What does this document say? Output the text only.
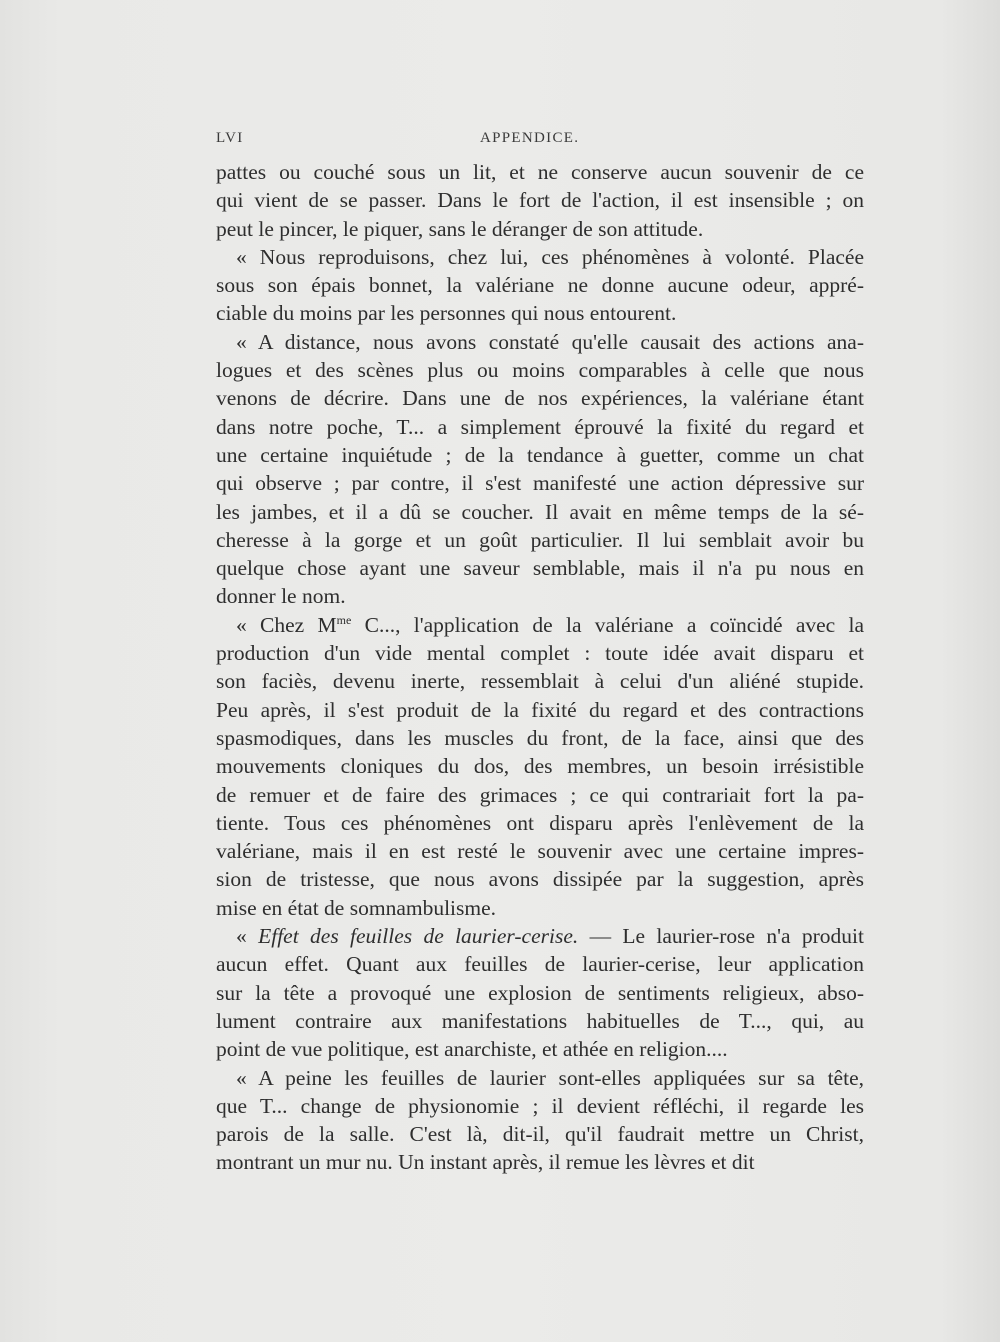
LVI	APPENDICE.
pattes ou couché sous un lit, et ne conserve aucun souvenir de ce
qui vient de se passer. Dans le fort de l'action, il est insensible ; on
peut le pincer, le piquer, sans le déranger de son attitude.
« Nous reproduisons, chez lui, ces phénomènes à volonté. Placée
sous son épais bonnet, la valériane ne donne aucune odeur, appré-
ciable du moins par les personnes qui nous entourent.
« A distance, nous avons constaté qu'elle causait des actions ana-
logues et des scènes plus ou moins comparables à celle que nous
venons de décrire. Dans une de nos expériences, la valériane étant
dans notre poche, T... a simplement éprouvé la fixité du regard et
une certaine inquiétude ; de la tendance à guetter, comme un chat
qui observe ; par contre, il s'est manifesté une action dépressive sur
les jambes, et il a dû se coucher. Il avait en même temps de la sé-
cheresse à la gorge et un goût particulier. Il lui semblait avoir bu
quelque chose ayant une saveur semblable, mais il n'a pu nous en
donner le nom.
« Chez $M^{me}$ C..., l'application de la valériane a coïncidé avec la
production d'un vide mental complet : toute idée avait disparu et
son faciès, devenu inerte, ressemblait à celui d'un aliéné stupide.
Peu après, il s'est produit de la fixité du regard et des contractions
spasmodiques, dans les muscles du front, de la face, ainsi que des
mouvements cloniques du dos, des membres, un besoin irrésistible
de remuer et de faire des grimaces ; ce qui contrariait fort la pa-
tiente. Tous ces phénomènes ont disparu après l'enlèvement de la
valériane, mais il en est resté le souvenir avec une certaine impres-
sion de tristesse, que nous avons dissipée par la suggestion, après
mise en état de somnambulisme.
« Effet des feuilles de laurier-cerise. — Le laurier-rose n'a produit
aucun effet. Quant aux feuilles de laurier-cerise, leur application
sur la tête a provoqué une explosion de sentiments religieux, abso-
lument contraire aux manifestations habituelles de T..., qui, au
point de vue politique, est anarchiste, et athée en religion....
« A peine les feuilles de laurier sont-elles appliquées sur sa tête,
que T... change de physionomie ; il devient réfléchi, il regarde les
parois de la salle. C'est là, dit-il, qu'il faudrait mettre un Christ,
montrant un mur nu. Un instant après, il remue les lèvres et dit
